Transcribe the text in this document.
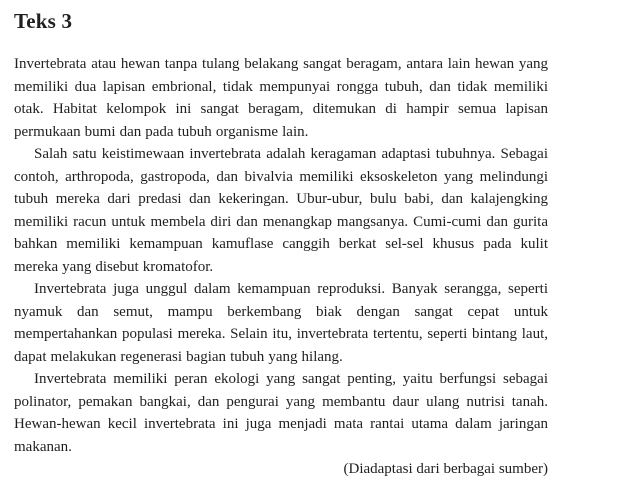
Teks 3

Invertebrata atau hewan tanpa tulang belakang sangat beragam, antara lain hewan yang memiliki dua lapisan embrional, tidak mempunyai rongga tubuh, dan tidak memiliki otak. Habitat kelompok ini sangat beragam, ditemukan di hampir semua lapisan permukaan bumi dan pada tubuh organisme lain.

Salah satu keistimewaan invertebrata adalah keragaman adaptasi tubuhnya. Sebagai contoh, arthropoda, gastropoda, dan bivalvia memiliki eksoskeleton yang melindungi tubuh mereka dari predasi dan kekeringan. Ubur-ubur, bulu babi, dan kalajengking memiliki racun untuk membela diri dan menangkap mangsanya. Cumi-cumi dan gurita bahkan memiliki kemampuan kamuflase canggih berkat sel-sel khusus pada kulit mereka yang disebut kromatofor.

Invertebrata juga unggul dalam kemampuan reproduksi. Banyak serangga, seperti nyamuk dan semut, mampu berkembang biak dengan sangat cepat untuk mempertahankan populasi mereka. Selain itu, invertebrata tertentu, seperti bintang laut, dapat melakukan regenerasi bagian tubuh yang hilang.

Invertebrata memiliki peran ekologi yang sangat penting, yaitu berfungsi sebagai polinator, pemakan bangkai, dan pengurai yang membantu daur ulang nutrisi tanah. Hewan-hewan kecil invertebrata ini juga menjadi mata rantai utama dalam jaringan makanan.

(Diadaptasi dari berbagai sumber)
